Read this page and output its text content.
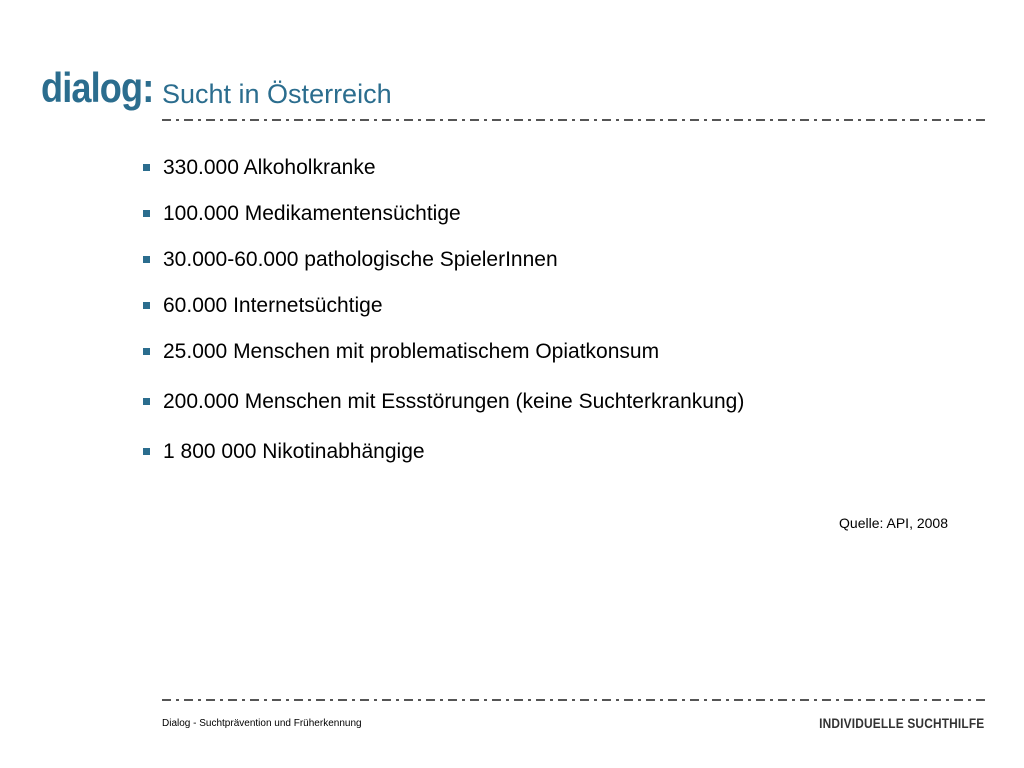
dialog: Sucht in Österreich
330.000 Alkoholkranke
100.000 Medikamentensüchtige
30.000-60.000 pathologische SpielerInnen
60.000 Internetsüchtige
25.000 Menschen mit problematischem Opiatkonsum
200.000 Menschen mit Essstörungen (keine Suchterkrankung)
1 800 000 Nikotinabhängige
Quelle: API, 2008
Dialog - Suchtprävention und Früherkennung	INDIVIDUELLE SUCHTHILFE
